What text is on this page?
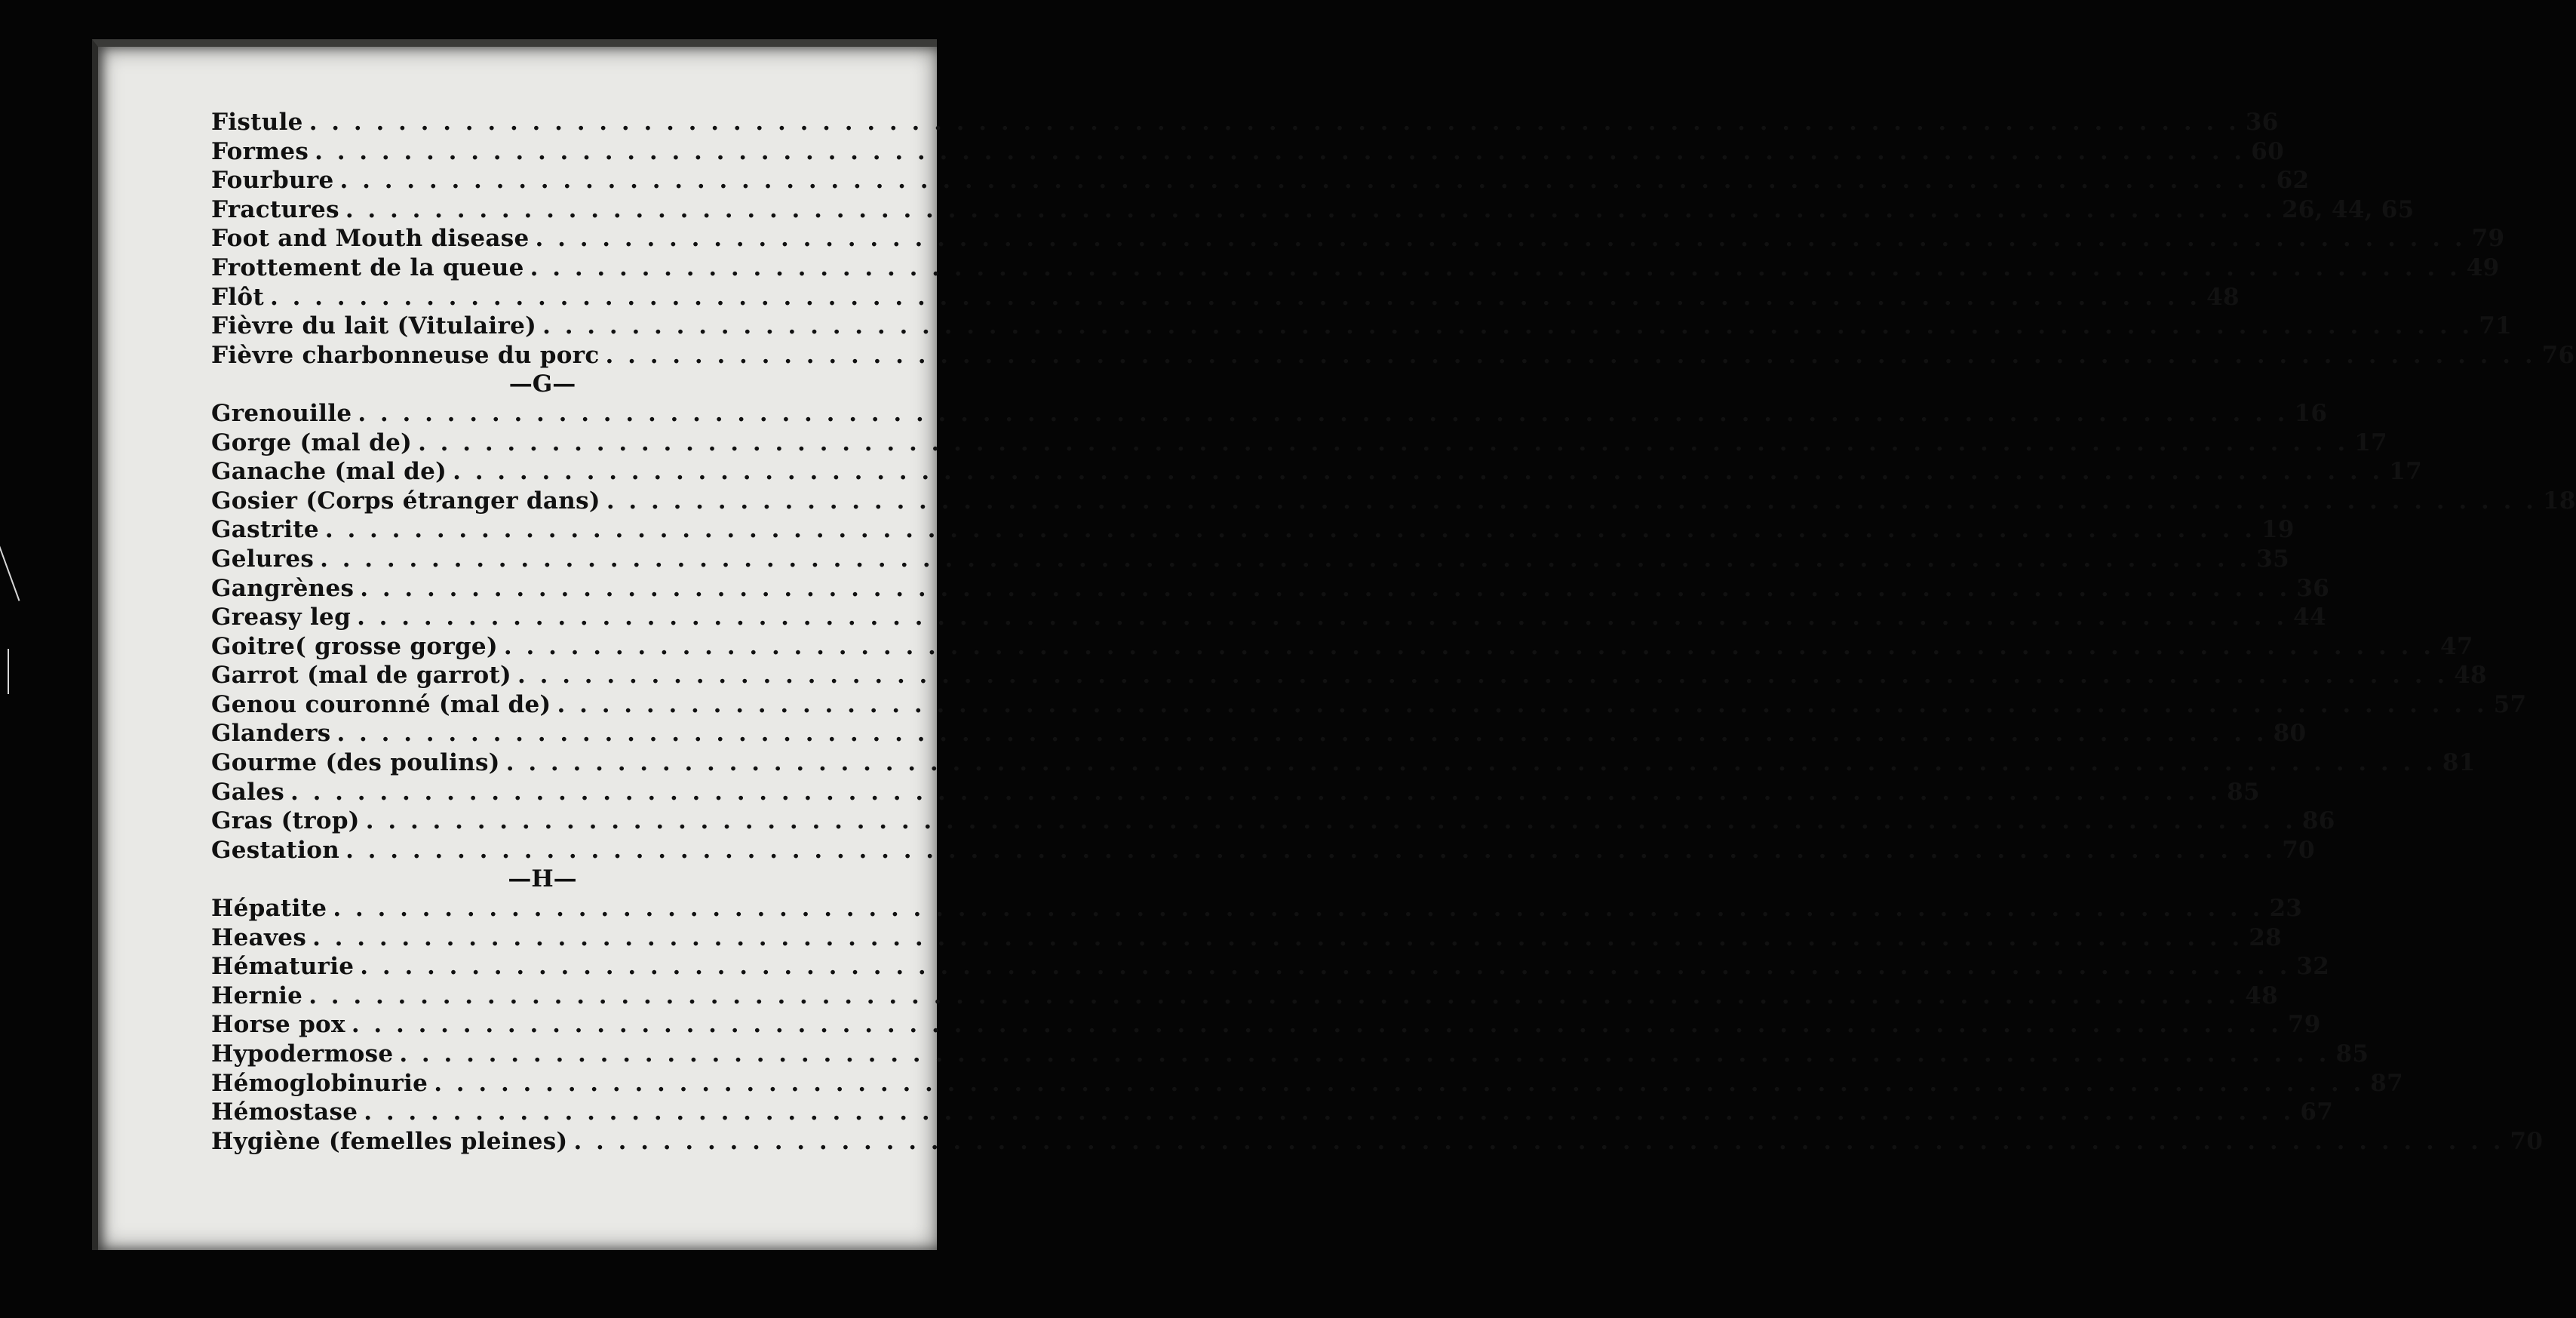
Fistule . . . . . . . . . . . . . . . . . . . . . . . . . . . . . . . . . . . . . . . . . . . . . . . . . . . . . . . . . . . . . . . . . . . . . . . . . . . . . . . . . . . . . . . 36
Formes . . . . . . . . . . . . . . . . . . . . . . . . . . . . . . . . . . . . . . . . . . . . . . . . . . . . . . . . . . . . . . . . . . . . . . . . . . . . . . . . . . . . . . . 60
Fourbure . . . . . . . . . . . . . . . . . . . . . . . . . . . . . . . . . . . . . . . . . . . . . . . . . . . . . . . . . . . . . . . . . . . . . . . . . . . . . . . . . . . . . . . 62
Fractures . . . . . . . . . . . . . . . . . . . . . . . . . . . . . . . . . . . . . . . . . . . . . . . . . . . . . . . . . . . . . . . . . . . . . . . . . . . . . . . . . . . . . . . 26, 44, 65
Foot and Mouth disease . . . . . . . . . . . . . . . . . . . . . . . . . . . . . . . . . . . . . . . . . . . . . . . . . . . . . . . . . . . . . . . . . . . . . . . . . . . . . . . . . . . . . . . 79
Frottement de la queue . . . . . . . . . . . . . . . . . . . . . . . . . . . . . . . . . . . . . . . . . . . . . . . . . . . . . . . . . . . . . . . . . . . . . . . . . . . . . . . . . . . . . . . 49
Flôt . . . . . . . . . . . . . . . . . . . . . . . . . . . . . . . . . . . . . . . . . . . . . . . . . . . . . . . . . . . . . . . . . . . . . . . . . . . . . . . . . . . . . . . 48
Fièvre du lait (Vitulaire) . . . . . . . . . . . . . . . . . . . . . . . . . . . . . . . . . . . . . . . . . . . . . . . . . . . . . . . . . . . . . . . . . . . . . . . . . . . . . . . . . . . . . . . 71
Fièvre charbonneuse du porc . . . . . . . . . . . . . . . . . . . . . . . . . . . . . . . . . . . . . . . . . . . . . . . . . . . . . . . . . . . . . . . . . . . . . . . . . . . . . . . . . . . . . . . 76
—G—
Grenouille . . . . . . . . . . . . . . . . . . . . . . . . . . . . . . . . . . . . . . . . . . . . . . . . . . . . . . . . . . . . . . . . . . . . . . . . . . . . . . . . . . . . . . . 16
Gorge (mal de) . . . . . . . . . . . . . . . . . . . . . . . . . . . . . . . . . . . . . . . . . . . . . . . . . . . . . . . . . . . . . . . . . . . . . . . . . . . . . . . . . . . . . . . 17
Ganache (mal de) . . . . . . . . . . . . . . . . . . . . . . . . . . . . . . . . . . . . . . . . . . . . . . . . . . . . . . . . . . . . . . . . . . . . . . . . . . . . . . . . . . . . . . . 17
Gosier (Corps étranger dans) . . . . . . . . . . . . . . . . . . . . . . . . . . . . . . . . . . . . . . . . . . . . . . . . . . . . . . . . . . . . . . . . . . . . . . . . . . . . . . . . . . . . . . . 18
Gastrite . . . . . . . . . . . . . . . . . . . . . . . . . . . . . . . . . . . . . . . . . . . . . . . . . . . . . . . . . . . . . . . . . . . . . . . . . . . . . . . . . . . . . . . 19
Gelures . . . . . . . . . . . . . . . . . . . . . . . . . . . . . . . . . . . . . . . . . . . . . . . . . . . . . . . . . . . . . . . . . . . . . . . . . . . . . . . . . . . . . . . 35
Gangrènes . . . . . . . . . . . . . . . . . . . . . . . . . . . . . . . . . . . . . . . . . . . . . . . . . . . . . . . . . . . . . . . . . . . . . . . . . . . . . . . . . . . . . . . 36
Greasy leg . . . . . . . . . . . . . . . . . . . . . . . . . . . . . . . . . . . . . . . . . . . . . . . . . . . . . . . . . . . . . . . . . . . . . . . . . . . . . . . . . . . . . . . 44
Goitre( grosse gorge) . . . . . . . . . . . . . . . . . . . . . . . . . . . . . . . . . . . . . . . . . . . . . . . . . . . . . . . . . . . . . . . . . . . . . . . . . . . . . . . . . . . . . . . 47
Garrot (mal de garrot) . . . . . . . . . . . . . . . . . . . . . . . . . . . . . . . . . . . . . . . . . . . . . . . . . . . . . . . . . . . . . . . . . . . . . . . . . . . . . . . . . . . . . . . 48
Genou couronné (mal de) . . . . . . . . . . . . . . . . . . . . . . . . . . . . . . . . . . . . . . . . . . . . . . . . . . . . . . . . . . . . . . . . . . . . . . . . . . . . . . . . . . . . . . . 57
Glanders . . . . . . . . . . . . . . . . . . . . . . . . . . . . . . . . . . . . . . . . . . . . . . . . . . . . . . . . . . . . . . . . . . . . . . . . . . . . . . . . . . . . . . . 80
Gourme (des poulins) . . . . . . . . . . . . . . . . . . . . . . . . . . . . . . . . . . . . . . . . . . . . . . . . . . . . . . . . . . . . . . . . . . . . . . . . . . . . . . . . . . . . . . . 81
Gales . . . . . . . . . . . . . . . . . . . . . . . . . . . . . . . . . . . . . . . . . . . . . . . . . . . . . . . . . . . . . . . . . . . . . . . . . . . . . . . . . . . . . . . 85
Gras (trop) . . . . . . . . . . . . . . . . . . . . . . . . . . . . . . . . . . . . . . . . . . . . . . . . . . . . . . . . . . . . . . . . . . . . . . . . . . . . . . . . . . . . . . . 86
Gestation . . . . . . . . . . . . . . . . . . . . . . . . . . . . . . . . . . . . . . . . . . . . . . . . . . . . . . . . . . . . . . . . . . . . . . . . . . . . . . . . . . . . . . . 70
—H—
Hépatite . . . . . . . . . . . . . . . . . . . . . . . . . . . . . . . . . . . . . . . . . . . . . . . . . . . . . . . . . . . . . . . . . . . . . . . . . . . . . . . . . . . . . . . 23
Heaves . . . . . . . . . . . . . . . . . . . . . . . . . . . . . . . . . . . . . . . . . . . . . . . . . . . . . . . . . . . . . . . . . . . . . . . . . . . . . . . . . . . . . . . 28
Hématurie . . . . . . . . . . . . . . . . . . . . . . . . . . . . . . . . . . . . . . . . . . . . . . . . . . . . . . . . . . . . . . . . . . . . . . . . . . . . . . . . . . . . . . . 32
Hernie . . . . . . . . . . . . . . . . . . . . . . . . . . . . . . . . . . . . . . . . . . . . . . . . . . . . . . . . . . . . . . . . . . . . . . . . . . . . . . . . . . . . . . . 48
Horse pox . . . . . . . . . . . . . . . . . . . . . . . . . . . . . . . . . . . . . . . . . . . . . . . . . . . . . . . . . . . . . . . . . . . . . . . . . . . . . . . . . . . . . . . 79
Hypodermose . . . . . . . . . . . . . . . . . . . . . . . . . . . . . . . . . . . . . . . . . . . . . . . . . . . . . . . . . . . . . . . . . . . . . . . . . . . . . . . . . . . . . . . 85
Hémoglobinurie . . . . . . . . . . . . . . . . . . . . . . . . . . . . . . . . . . . . . . . . . . . . . . . . . . . . . . . . . . . . . . . . . . . . . . . . . . . . . . . . . . . . . . . 87
Hémostase . . . . . . . . . . . . . . . . . . . . . . . . . . . . . . . . . . . . . . . . . . . . . . . . . . . . . . . . . . . . . . . . . . . . . . . . . . . . . . . . . . . . . . . 67
Hygiène (femelles pleines) . . . . . . . . . . . . . . . . . . . . . . . . . . . . . . . . . . . . . . . . . . . . . . . . . . . . . . . . . . . . . . . . . . . . . . . . . . . . . . . . . . . . . . . 70
